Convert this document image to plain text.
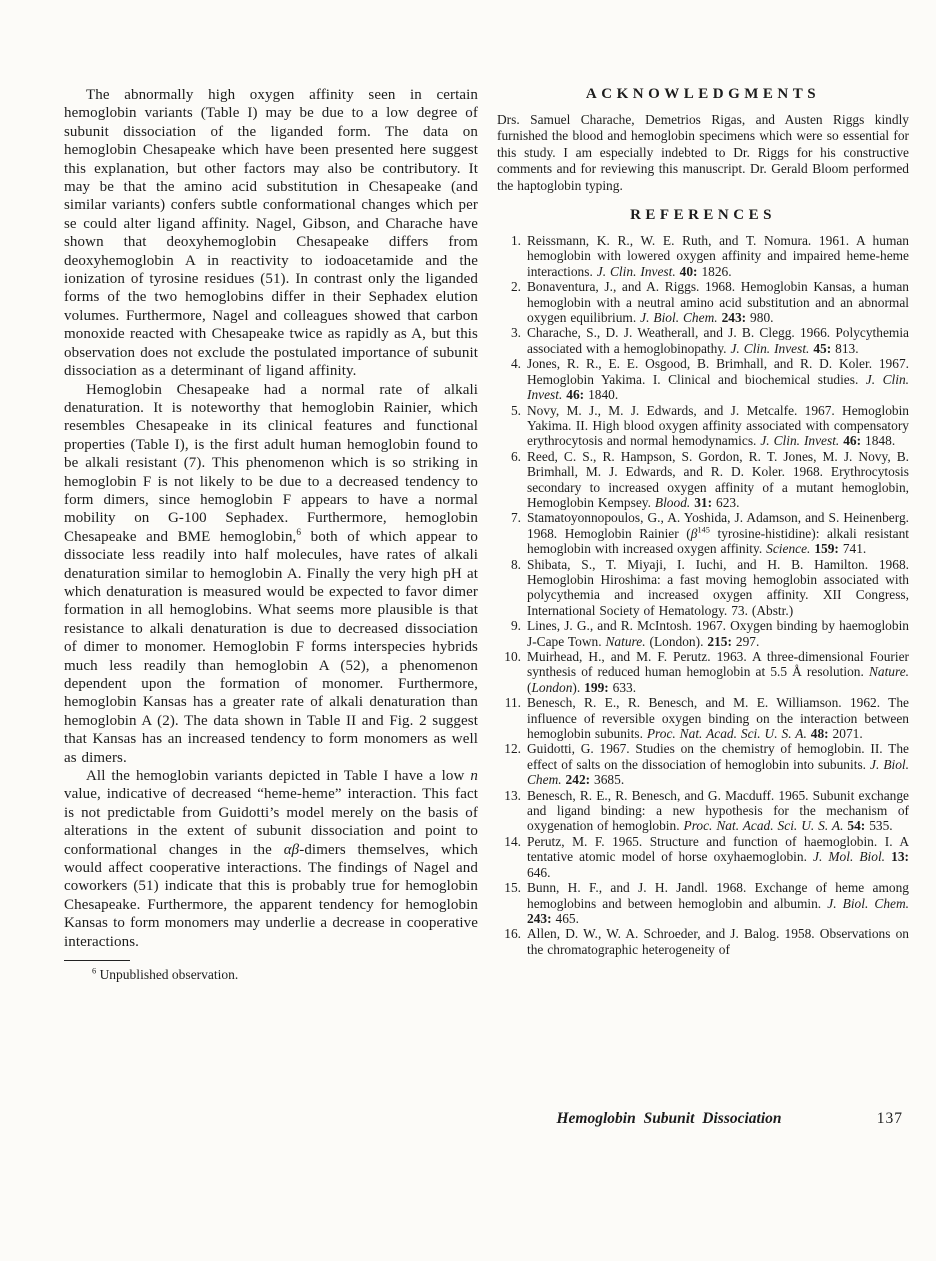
The abnormally high oxygen affinity seen in certain hemoglobin variants (Table I) may be due to a low degree of subunit dissociation of the liganded form. The data on hemoglobin Chesapeake which have been presented here suggest this explanation, but other factors may also be contributory. It may be that the amino acid substitution in Chesapeake (and similar variants) confers subtle conformational changes which per se could alter ligand affinity. Nagel, Gibson, and Charache have shown that deoxyhemoglobin Chesapeake differs from deoxyhemoglobin A in reactivity to iodoacetamide and the ionization of tyrosine residues (51). In contrast only the liganded forms of the two hemoglobins differ in their Sephadex elution volumes. Furthermore, Nagel and colleagues showed that carbon monoxide reacted with Chesapeake twice as rapidly as A, but this observation does not exclude the postulated importance of subunit dissociation as a determinant of ligand affinity.

Hemoglobin Chesapeake had a normal rate of alkali denaturation. It is noteworthy that hemoglobin Rainier, which resembles Chesapeake in its clinical features and functional properties (Table I), is the first adult human hemoglobin found to be alkali resistant (7). This phenomenon which is so striking in hemoglobin F is not likely to be due to a decreased tendency to form dimers, since hemoglobin F appears to have a normal mobility on G-100 Sephadex. Furthermore, hemoglobin Chesapeake and BME hemoglobin,$^6$ both of which appear to dissociate less readily into half molecules, have rates of alkali denaturation similar to hemoglobin A. Finally the very high pH at which denaturation is measured would be expected to favor dimer formation in all hemoglobins. What seems more plausible is that resistance to alkali denaturation is due to decreased dissociation of dimer to monomer. Hemoglobin F forms interspecies hybrids much less readily than hemoglobin A (52), a phenomenon dependent upon the formation of monomer. Furthermore, hemoglobin Kansas has a greater rate of alkali denaturation than hemoglobin A (2). The data shown in Table II and Fig. 2 suggest that Kansas has an increased tendency to form monomers as well as dimers.

All the hemoglobin variants depicted in Table I have a low n value, indicative of decreased “heme-heme” interaction. This fact is not predictable from Guidotti’s model merely on the basis of alterations in the extent of subunit dissociation and point to conformational changes in the αβ-dimers themselves, which would affect cooperative interactions. The findings of Nagel and coworkers (51) indicate that this is probably true for hemoglobin Chesapeake. Furthermore, the apparent tendency for hemoglobin Kansas to form monomers may underlie a decrease in cooperative interactions.

$^6$ Unpublished observation.

ACKNOWLEDGMENTS

Drs. Samuel Charache, Demetrios Rigas, and Austen Riggs kindly furnished the blood and hemoglobin specimens which were so essential for this study. I am especially indebted to Dr. Riggs for his constructive comments and for reviewing this manuscript. Dr. Gerald Bloom performed the haptoglobin typing.

REFERENCES
1. Reissmann, K. R., W. E. Ruth, and T. Nomura. 1961. A human hemoglobin with lowered oxygen affinity and impaired heme-heme interactions. J. Clin. Invest. 40: 1826.
2. Bonaventura, J., and A. Riggs. 1968. Hemoglobin Kansas, a human hemoglobin with a neutral amino acid substitution and an abnormal oxygen equilibrium. J. Biol. Chem. 243: 980.
3. Charache, S., D. J. Weatherall, and J. B. Clegg. 1966. Polycythemia associated with a hemoglobinopathy. J. Clin. Invest. 45: 813.
4. Jones, R. R., E. E. Osgood, B. Brimhall, and R. D. Koler. 1967. Hemoglobin Yakima. I. Clinical and biochemical studies. J. Clin. Invest. 46: 1840.
5. Novy, M. J., M. J. Edwards, and J. Metcalfe. 1967. Hemoglobin Yakima. II. High blood oxygen affinity associated with compensatory erythrocytosis and normal hemodynamics. J. Clin. Invest. 46: 1848.
6. Reed, C. S., R. Hampson, S. Gordon, R. T. Jones, M. J. Novy, B. Brimhall, M. J. Edwards, and R. D. Koler. 1968. Erythrocytosis secondary to increased oxygen affinity of a mutant hemoglobin, Hemoglobin Kempsey. Blood. 31: 623.
7. Stamatoyonnopoulos, G., A. Yoshida, J. Adamson, and S. Heinenberg. 1968. Hemoglobin Rainier ($\beta^{145}$ tyrosine-histidine): alkali resistant hemoglobin with increased oxygen affinity. Science. 159: 741.
8. Shibata, S., T. Miyaji, I. Iuchi, and H. B. Hamilton. 1968. Hemoglobin Hiroshima: a fast moving hemoglobin associated with polycythemia and increased oxygen affinity. XII Congress, International Society of Hematology. 73. (Abstr.)
9. Lines, J. G., and R. McIntosh. 1967. Oxygen binding by haemoglobin J-Cape Town. Nature. (London). 215: 297.
10. Muirhead, H., and M. F. Perutz. 1963. A three-dimensional Fourier synthesis of reduced human hemoglobin at 5.5 Å resolution. Nature. (London). 199: 633.
11. Benesch, R. E., R. Benesch, and M. E. Williamson. 1962. The influence of reversible oxygen binding on the interaction between hemoglobin subunits. Proc. Nat. Acad. Sci. U. S. A. 48: 2071.
12. Guidotti, G. 1967. Studies on the chemistry of hemoglobin. II. The effect of salts on the dissociation of hemoglobin into subunits. J. Biol. Chem. 242: 3685.
13. Benesch, R. E., R. Benesch, and G. Macduff. 1965. Subunit exchange and ligand binding: a new hypothesis for the mechanism of oxygenation of hemoglobin. Proc. Nat. Acad. Sci. U. S. A. 54: 535.
14. Perutz, M. F. 1965. Structure and function of haemoglobin. I. A tentative atomic model of horse oxyhaemoglobin. J. Mol. Biol. 13: 646.
15. Bunn, H. F., and J. H. Jandl. 1968. Exchange of heme among hemoglobins and between hemoglobin and albumin. J. Biol. Chem. 243: 465.
16. Allen, D. W., W. A. Schroeder, and J. Balog. 1958. Observations on the chromatographic heterogeneity of
Hemoglobin Subunit Dissociation	137
